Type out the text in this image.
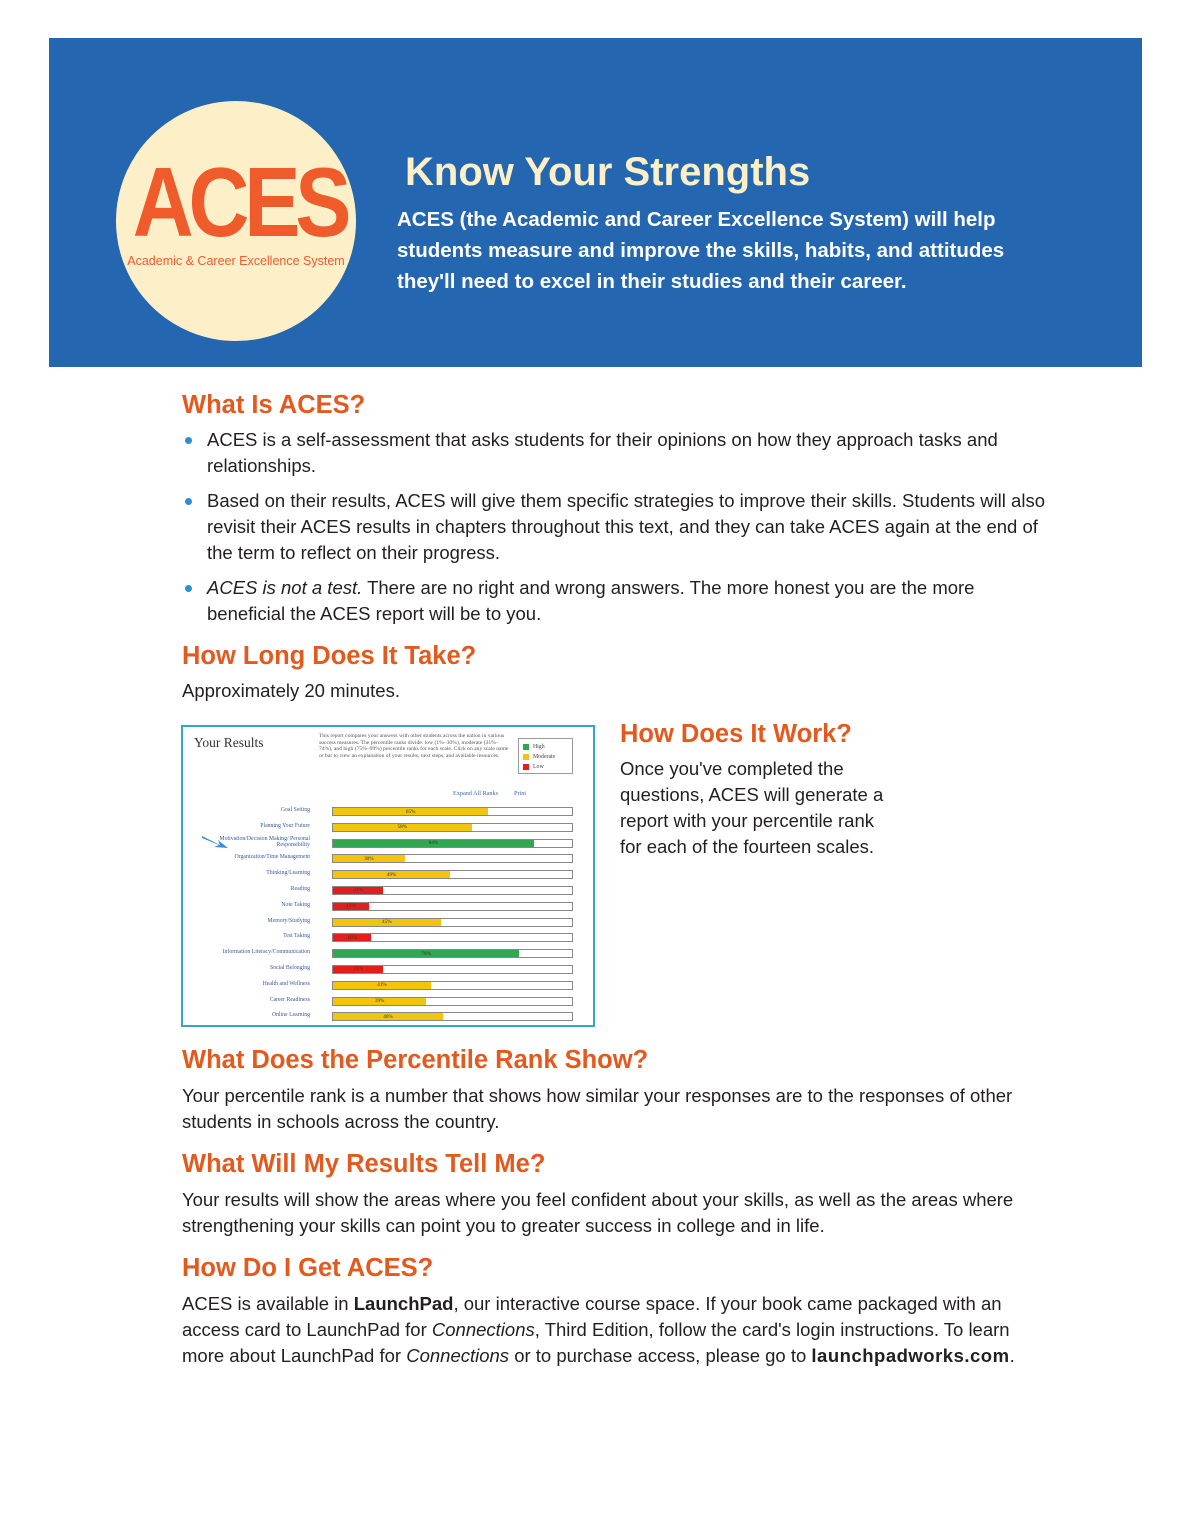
ACES
Academic & Career Excellence System
Know Your Strengths
ACES (the Academic and Career Excellence System) will help students measure and improve the skills, habits, and attitudes they'll need to excel in their studies and their career.
What Is ACES?
ACES is a self-assessment that asks students for their opinions on how they approach tasks and relationships.
Based on their results, ACES will give them specific strategies to improve their skills. Students will also revisit their ACES results in chapters throughout this text, and they can take ACES again at the end of the term to reflect on their progress.
ACES is not a test. There are no right and wrong answers. The more honest you are the more beneficial the ACES report will be to you.
How Long Does It Take?
Approximately 20 minutes.
Your Results	This report compares your answers with other students across the nation in various success measures. The percentile ranks divide: low (1%–30%), moderate (31%–74%), and high (75%–99%) percentile ranks for each scale. Click on any scale name or bar to view an explanation of your results, next steps, and available resources.
High
Moderate
Low
Expand All Ranks	Print
Goal Setting	65%
Planning Your Future	58%
Motivation/Decision Making/ Personal Responsibility	84%
Organization/Time Management	30%
Thinking/Learning	49%
Reading	21%
Note Taking	15%
Memory/Studying	45%
Test Taking	16%
Information Literacy/Communication	78%
Social Belonging	21%
Health and Wellness	41%
Career Readiness	39%
Online Learning	46%
How Does It Work?
Once you've completed the questions, ACES will generate a report with your percentile rank for each of the fourteen scales.
What Does the Percentile Rank Show?
Your percentile rank is a number that shows how similar your responses are to the responses of other students in schools across the country.
What Will My Results Tell Me?
Your results will show the areas where you feel confident about your skills, as well as the areas where strengthening your skills can point you to greater success in college and in life.
How Do I Get ACES?
ACES is available in LaunchPad, our interactive course space. If your book came packaged with an access card to LaunchPad for Connections, Third Edition, follow the card's login instructions. To learn more about LaunchPad for Connections or to purchase access, please go to launchpadworks.com.
